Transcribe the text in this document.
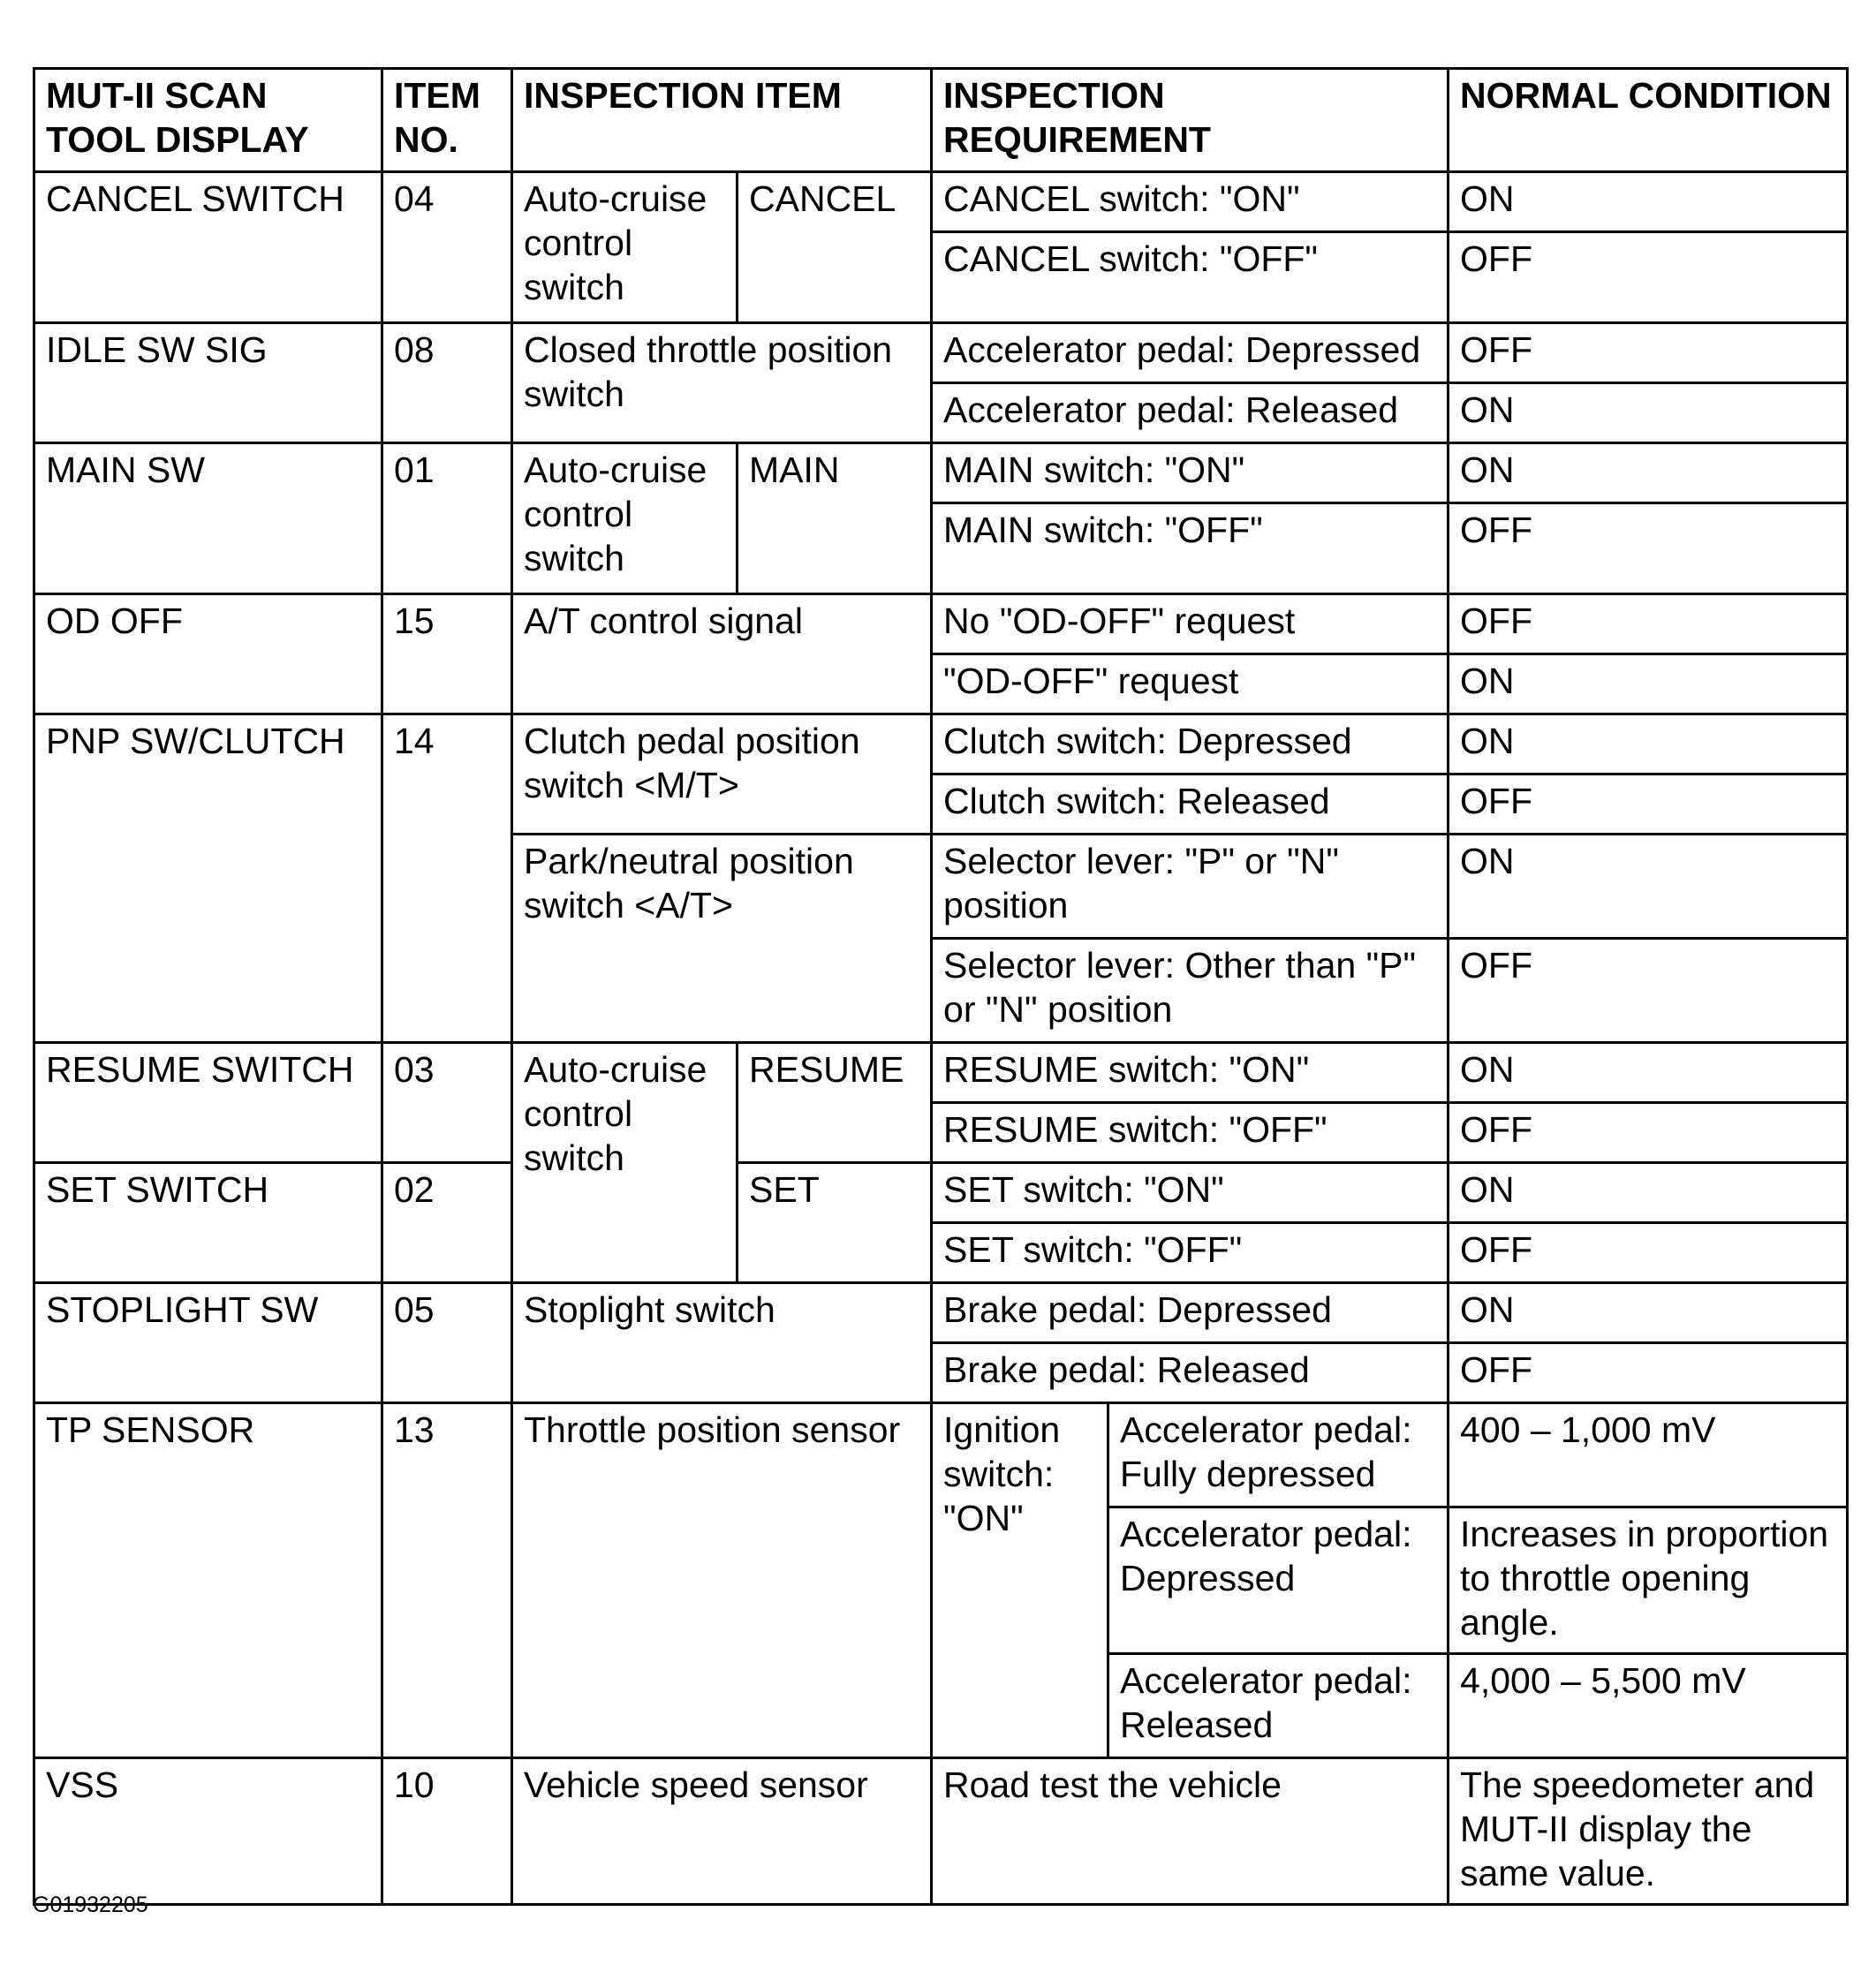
MUT-II SCAN TOOL DISPLAY	ITEM NO.	INSPECTION ITEM		INSPECTION REQUIREMENT		NORMAL CONDITION
CANCEL SWITCH	04	Auto-cruise control switch	CANCEL	CANCEL switch: "ON"		ON
				CANCEL switch: "OFF"		OFF
IDLE SW SIG	08	Closed throttle position switch		Accelerator pedal: Depressed		OFF
				Accelerator pedal: Released		ON
MAIN SW	01	Auto-cruise control switch	MAIN	MAIN switch: "ON"		ON
				MAIN switch: "OFF"		OFF
OD OFF	15	A/T control signal		No "OD-OFF" request		OFF
				"OD-OFF" request		ON
PNP SW/CLUTCH	14	Clutch pedal position switch <M/T>		Clutch switch: Depressed		ON
				Clutch switch: Released		OFF
		Park/neutral position switch <A/T>		Selector lever: "P" or "N" position		ON
				Selector lever: Other than "P" or "N" position		OFF
RESUME SWITCH	03	Auto-cruise control switch	RESUME	RESUME switch: "ON"		ON
				RESUME switch: "OFF"		OFF
SET SWITCH	02		SET	SET switch: "ON"		ON
				SET switch: "OFF"		OFF
STOPLIGHT SW	05	Stoplight switch		Brake pedal: Depressed		ON
				Brake pedal: Released		OFF
TP SENSOR	13	Throttle position sensor		Ignition switch: "ON"	Accelerator pedal: Fully depressed	400 – 1,000 mV
					Accelerator pedal: Depressed	Increases in proportion to throttle opening angle.
					Accelerator pedal: Released	4,000 – 5,500 mV
VSS	10	Vehicle speed sensor		Road test the vehicle		The speedometer and MUT-II display the same value.
G01932205
